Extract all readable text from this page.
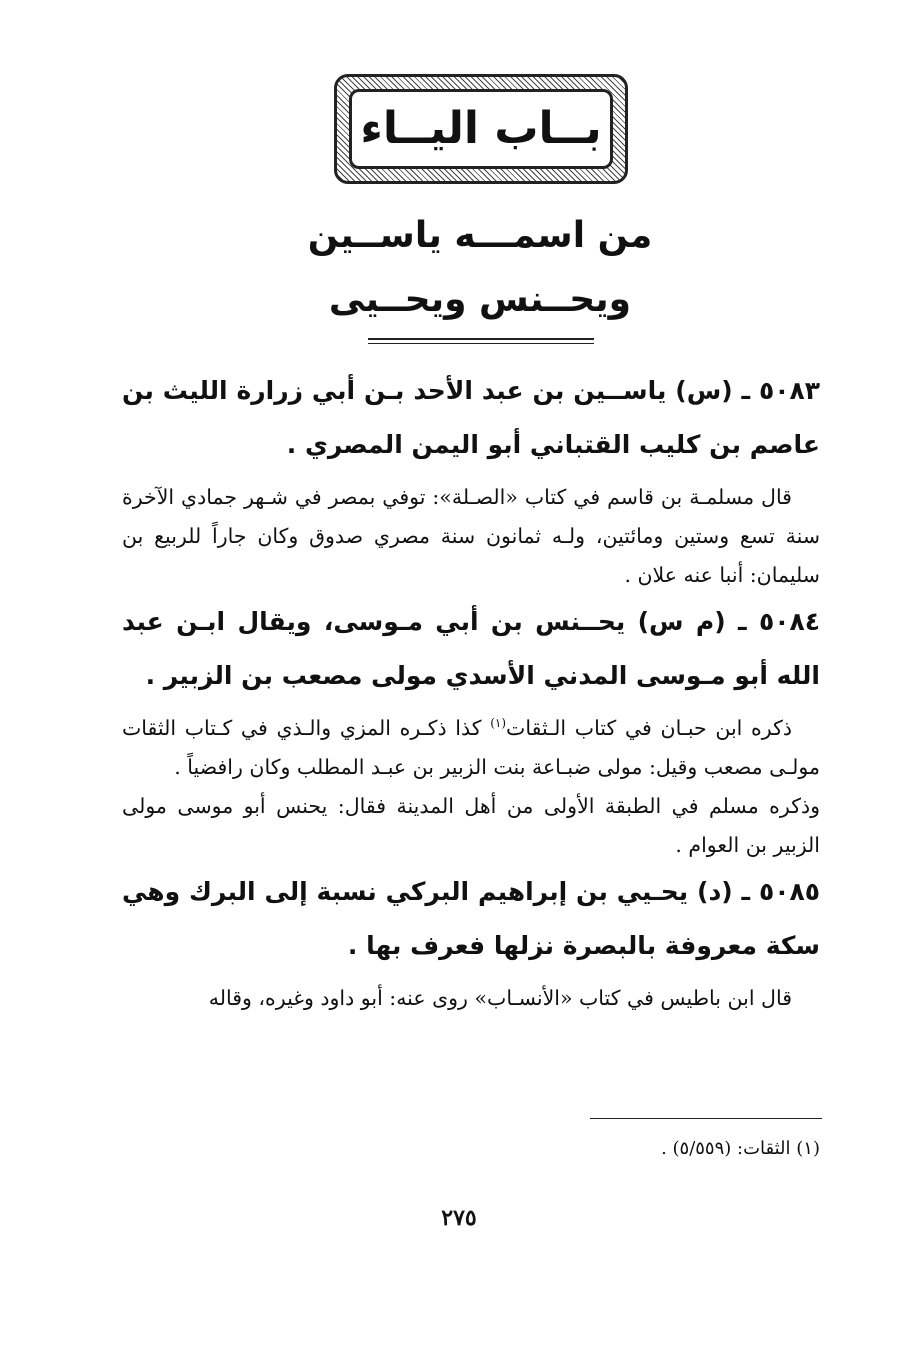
بــاب اليــاء
من اسمـــه ياســين
ويحــنس ويحــيى

٥٠٨٣ ـ (س) ياســين بن عبد الأحد بـن أبي زرارة الليث بن عاصم بن كليب القتباني أبو اليمن المصري .

قال مسلمـة بن قاسم في كتاب «الصـلة»: توفي بمصر في شـهر جمادي الآخرة سنة تسع وستين ومائتين، ولـه ثمانون سنة مصري صدوق وكان جاراً للربيع بن سليمان: أنبا عنه علان .

٥٠٨٤ ـ (م س) يحــنس بن أبي مـوسى، ويقال ابـن عبد الله أبو مـوسى المدني الأسدي مولى مصعب بن الزبير .

ذكره ابن حبـان في كتاب الـثقات$^{(١)}$ كذا ذكـره المزي والـذي في كـتاب الثقات مولـى مصعب وقيل: مولى ضبـاعة بنت الزبير بن عبـد المطلب وكان رافضياً .

وذكره مسلم في الطبقة الأولى من أهل المدينة فقال: يحنس أبو موسى مولى الزبير بن العوام .

٥٠٨٥ ـ (د) يحـيي بن إبراهيم البركي نسبة إلى البرك وهي سكة معروفة بالبصرة نزلها فعرف بها .

قال ابن باطيس في كتاب «الأنسـاب» روى عنه: أبو داود وغيره، وقاله

(١) الثقات: (٥/٥٥٩) .
٢٧٥
